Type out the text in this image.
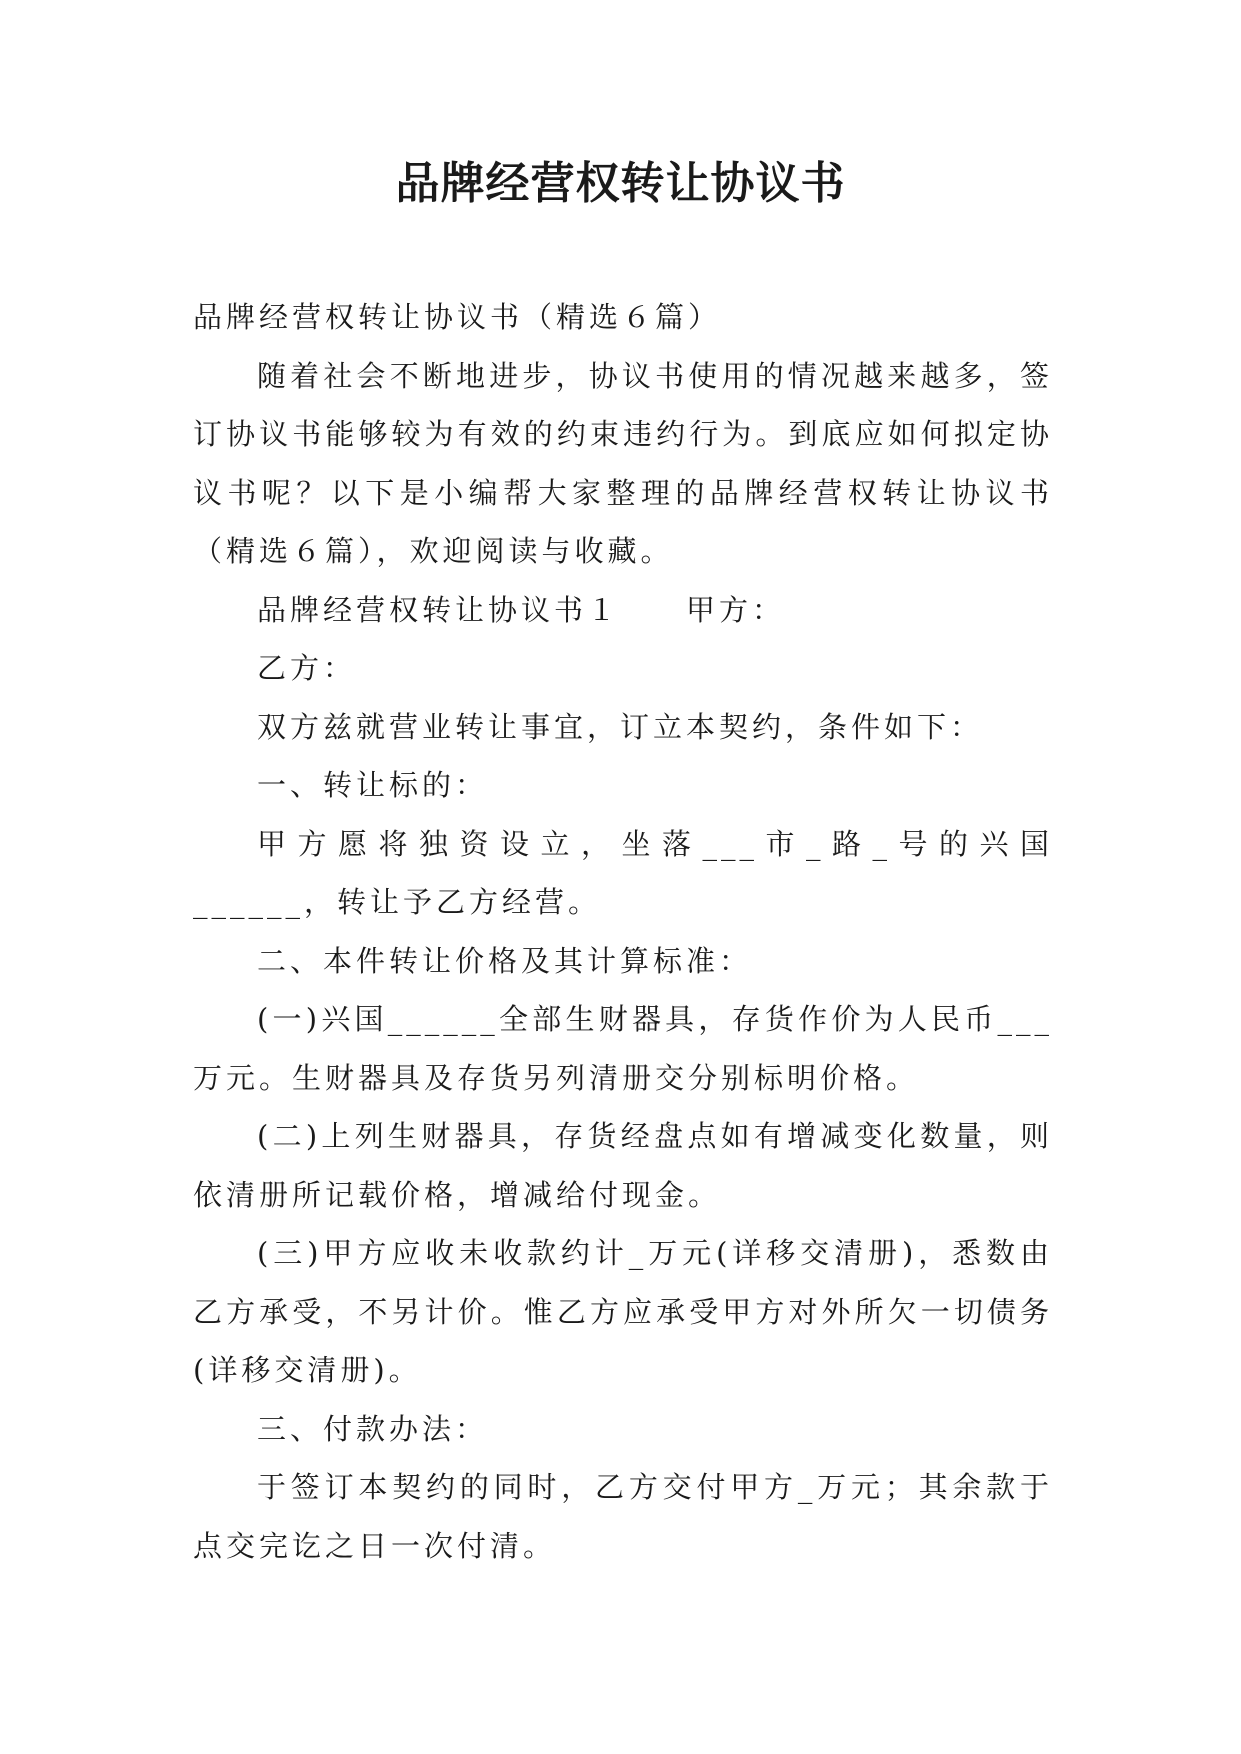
品牌经营权转让协议书

品牌经营权转让协议书（精选６篇）

随着社会不断地进步，协议书使用的情况越来越多，签订协议书能够较为有效的约束违约行为。到底应如何拟定协议书呢？以下是小编帮大家整理的品牌经营权转让协议书（精选６篇），欢迎阅读与收藏。

品牌经营权转让协议书１ 甲方：

乙方：

双方兹就营业转让事宜，订立本契约，条件如下：

一、转让标的：

甲方愿将独资设立，坐落___市_路_号的兴国______，转让予乙方经营。

二、本件转让价格及其计算标准：

(一)兴国______全部生财器具，存货作价为人民币___万元。生财器具及存货另列清册交分别标明价格。

(二)上列生财器具，存货经盘点如有增减变化数量，则依清册所记载价格，增减给付现金。

(三)甲方应收未收款约计_万元(详移交清册)，悉数由乙方承受，不另计价。惟乙方应承受甲方对外所欠一切债务(详移交清册)。

三、付款办法：

于签订本契约的同时，乙方交付甲方_万元；其余款于点交完讫之日一次付清。
